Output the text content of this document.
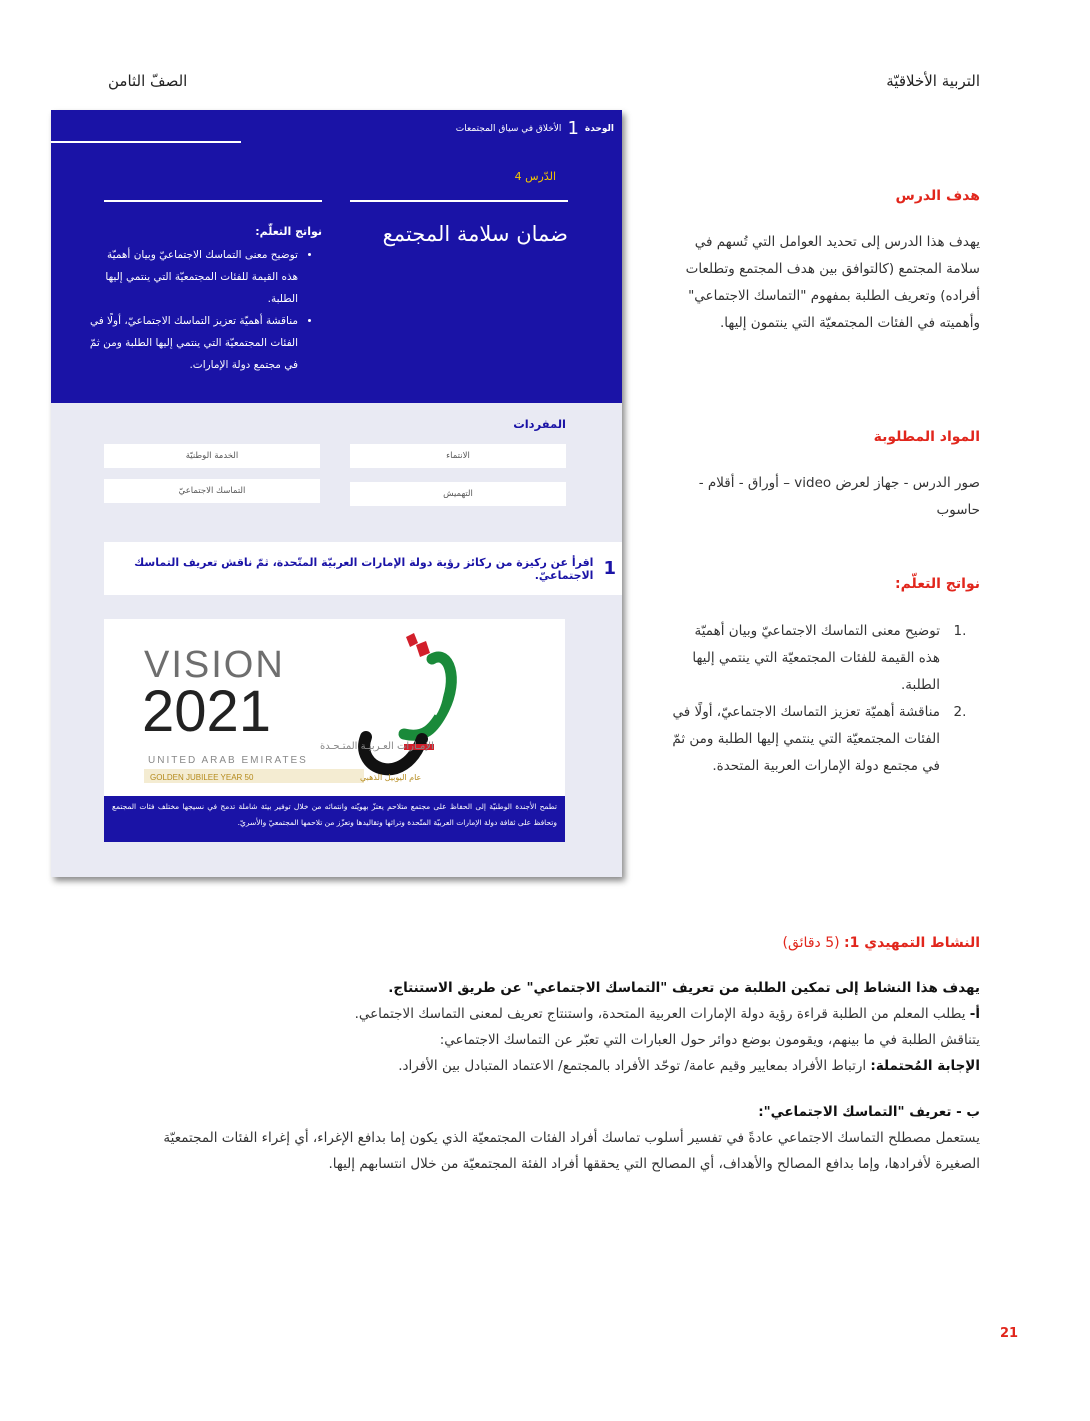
التربية الأخلاقيّة
الصفّ الثامن
الوحدة
1
الأخلاق في سياق المجتمعات
الدّرس 4
ضمان سلامة المجتمع
نواتج التعلّم:
• توضيح معنى التماسك الاجتماعيّ وبيان أهميّة هذه القيمة للفئات المجتمعيّة التي ينتمي إليها الطلبة.
• مناقشة أهميّة تعزيز التماسك الاجتماعيّ، أولًا في الفئات المجتمعيّة التي ينتمي إليها الطلبة ومن ثمّ في مجتمع دولة الإمارات.
المفردات
الانتماء
الخدمة الوطنيّة
التهميش
التماسك الاجتماعيّ
1
اقرأ عن ركيزة من ركائز رؤية دولة الإمارات العربيّة المتّحدة، ثمّ ناقش تعريف التماسك الاجتماعيّ.
VISION
2021
الإمـارات العـربيـة المتـحـدة
UNITED ARAB EMIRATES
GOLDEN JUBILEE YEAR 50	عام اليوبيل الذهبي
تطمح الأجندة الوطنيّة إلى الحفاظ على مجتمع متلاحم يعتزّ بهويّته وانتمائه من خلال توفير بيئة شاملة تدمج في نسيجها مختلف فئات المجتمع وتحافظ على ثقافة دولة الإمارات العربيّة المتّحدة وتراثها وتقاليدها وتعزّز من تلاحمها المجتمعيّ والأسريّ.
هدف الدرس
يهدف هذا الدرس إلى تحديد العوامل التي تُسهم في سلامة المجتمع (كالتوافق بين هدف المجتمع وتطلعات أفراده) وتعريف الطلبة بمفهوم "التماسك الاجتماعي" وأهميته في الفئات المجتمعيّة التي ينتمون إليها.
المواد المطلوبة
صور الدرس - جهاز لعرض video – أوراق - أقلام - حاسوب
نواتج التعلّم:
1.
توضيح معنى التماسك الاجتماعيّ وبيان أهميّة هذه القيمة للفئات المجتمعيّة التي ينتمي إليها الطلبة.
2.
مناقشة أهميّة تعزيز التماسك الاجتماعيّ، أولًا في الفئات المجتمعيّة التي ينتمي إليها الطلبة ومن ثمّ في مجتمع دولة الإمارات العربية المتحدة.
النشاط التمهيدي 1: (5 دقائق)
يهدف هذا النشاط إلى تمكين الطلبة من تعريف "التماسك الاجتماعي" عن طريق الاستنتاج.
أ- يطلب المعلم من الطلبة قراءة رؤية دولة الإمارات العربية المتحدة، واستنتاج تعريف لمعنى التماسك الاجتماعي.
يتناقش الطلبة في ما بينهم، ويقومون بوضع دوائر حول العبارات التي تعبّر عن التماسك الاجتماعي:
الإجابة المُحتملة: ارتباط الأفراد بمعايير وقيم عامة/ توحّد الأفراد بالمجتمع/ الاعتماد المتبادل بين الأفراد.
ب - تعريف "التماسك الاجتماعي":
يستعمل مصطلح التماسك الاجتماعي عادةً في تفسير أسلوب تماسك أفراد الفئات المجتمعيّة الذي يكون إما بدافع الإغراء، أي إغراء الفئات المجتمعيّة الصغيرة لأفرادها، وإما بدافع المصالح والأهداف، أي المصالح التي يحققها أفراد الفئة المجتمعيّة من خلال انتسابهم إليها.
21
